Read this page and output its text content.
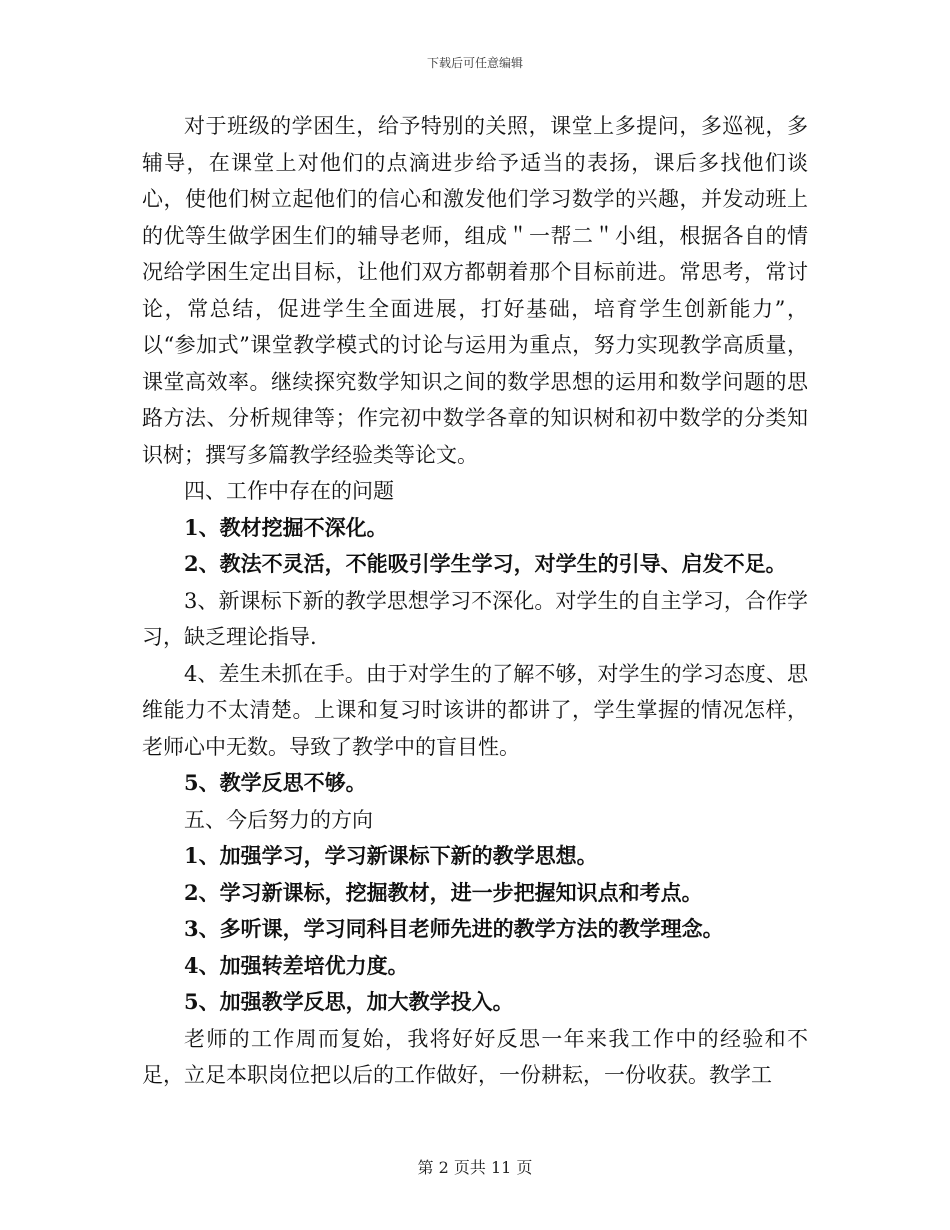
下载后可任意编辑

对于班级的学困生，给予特别的关照，课堂上多提问，多巡视，多辅导，在课堂上对他们的点滴进步给予适当的表扬，课后多找他们谈心，使他们树立起他们的信心和激发他们学习数学的兴趣，并发动班上的优等生做学困生们的辅导老师，组成＂一帮二＂小组，根据各自的情况给学困生定出目标，让他们双方都朝着那个目标前进。常思考，常讨论，常总结，促进学生全面进展，打好基础，培育学生创新能力”，以“参加式”课堂教学模式的讨论与运用为重点，努力实现教学高质量，课堂高效率。继续探究数学知识之间的数学思想的运用和数学问题的思路方法、分析规律等；作完初中数学各章的知识树和初中数学的分类知识树；撰写多篇教学经验类等论文。

四、工作中存在的问题

1、教材挖掘不深化。

2、教法不灵活，不能吸引学生学习，对学生的引导、启发不足。

3、新课标下新的教学思想学习不深化。对学生的自主学习，合作学习，缺乏理论指导.

4、差生未抓在手。由于对学生的了解不够，对学生的学习态度、思维能力不太清楚。上课和复习时该讲的都讲了，学生掌握的情况怎样，老师心中无数。导致了教学中的盲目性。

5、教学反思不够。

五、今后努力的方向

1、加强学习，学习新课标下新的教学思想。

2、学习新课标，挖掘教材，进一步把握知识点和考点。

3、多听课，学习同科目老师先进的教学方法的教学理念。

4、加强转差培优力度。

5、加强教学反思，加大教学投入。

老师的工作周而复始，我将好好反思一年来我工作中的经验和不足，立足本职岗位把以后的工作做好，一份耕耘，一份收获。教学工

第 2 页共 11 页
